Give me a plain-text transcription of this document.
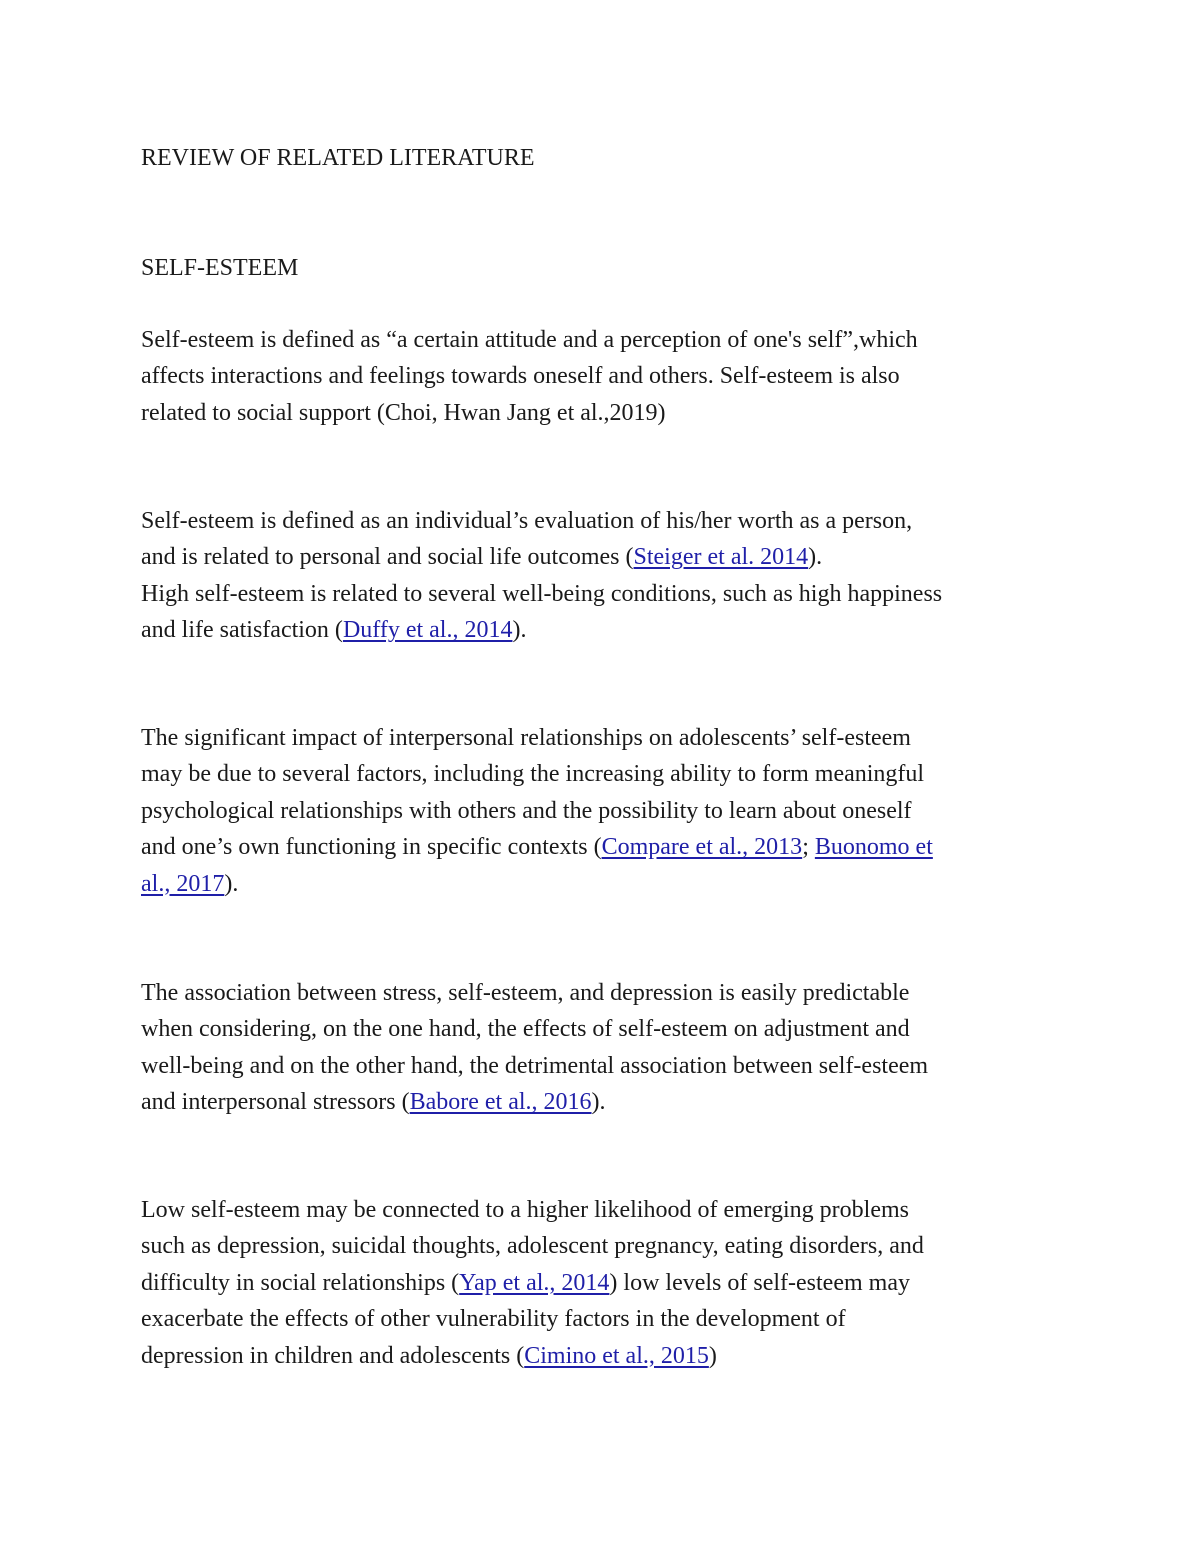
REVIEW OF RELATED LITERATURE
SELF-ESTEEM
Self-esteem is defined as “a certain attitude and a perception of one's self”,which
affects interactions and feelings towards oneself and others. Self-esteem is also
related to social support (Choi, Hwan Jang et al.,2019)
Self-esteem is defined as an individual’s evaluation of his/her worth as a person,
and is related to personal and social life outcomes (Steiger et al. 2014).
High self-esteem is related to several well-being conditions, such as high happiness
and life satisfaction (Duffy et al., 2014).
The significant impact of interpersonal relationships on adolescents’ self-esteem
may be due to several factors, including the increasing ability to form meaningful
psychological relationships with others and the possibility to learn about oneself
and one’s own functioning in specific contexts (Compare et al., 2013; Buonomo et
al., 2017).
The association between stress, self-esteem, and depression is easily predictable
when considering, on the one hand, the effects of self-esteem on adjustment and
well-being and on the other hand, the detrimental association between self-esteem
and interpersonal stressors (Babore et al., 2016).
Low self-esteem may be connected to a higher likelihood of emerging problems
such as depression, suicidal thoughts, adolescent pregnancy, eating disorders, and
difficulty in social relationships (Yap et al., 2014) low levels of self-esteem may
exacerbate the effects of other vulnerability factors in the development of
depression in children and adolescents (Cimino et al., 2015)
